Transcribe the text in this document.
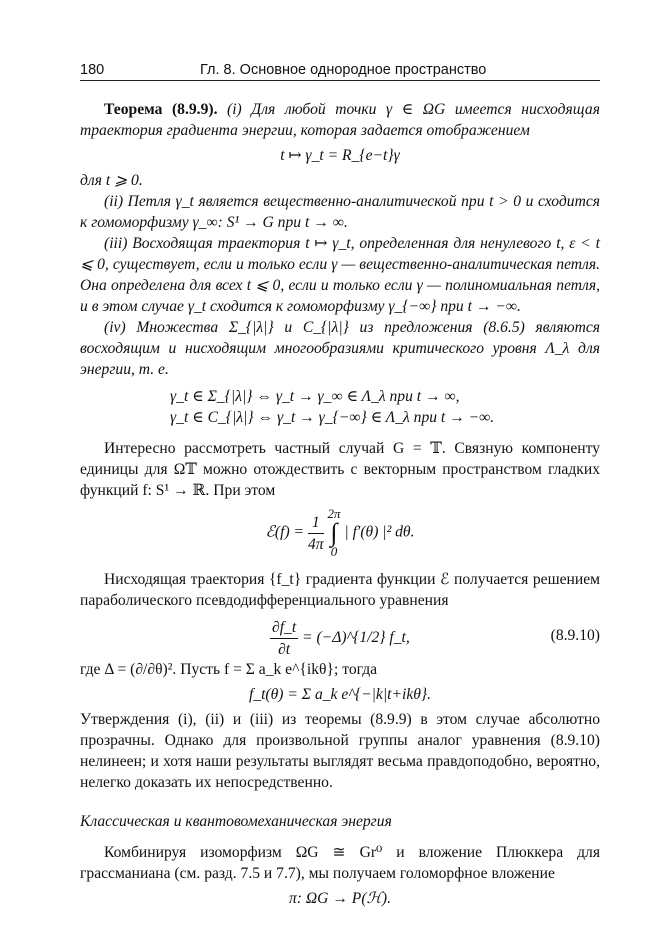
180	Гл. 8. Основное однородное пространство

Теорема (8.9.9). (i) Для любой точки γ ∈ ΩG имеется нисходящая траектория градиента энергии, которая задается отображением

t ↦ γ_t = R_{e−t}γ

для t ⩾ 0.

(ii) Петля γ_t является вещественно-аналитической при t > 0 и сходится к гомоморфизму γ_∞: S¹ → G при t → ∞.

(iii) Восходящая траектория t ↦ γ_t, определенная для ненулевого t, ε < t ⩽ 0, существует, если и только если γ — вещественно-аналитическая петля. Она определена для всех t ⩽ 0, если и только если γ — полиномиальная петля, и в этом случае γ_t сходится к гомоморфизму γ_{−∞} при t → −∞.

(iv) Множества Σ_{|λ|} и C_{|λ|} из предложения (8.6.5) являются восходящим и нисходящим многообразиями критического уровня Λ_λ для энергии, т. е.

γ_t ∈ Σ_{|λ|} ⇔ γ_t → γ_∞ ∈ Λ_λ при t → ∞,

γ_t ∈ C_{|λ|} ⇔ γ_t → γ_{−∞} ∈ Λ_λ при t → −∞.

Интересно рассмотреть частный случай G = 𝕋. Связную компоненту единицы для Ω𝕋 можно отождествить с векторным пространством гладких функций f: S¹ → ℝ. При этом

ℰ(f) = $\frac{1}{4\pi}$
2π
∫
0
| f′(θ) |² dθ.

Нисходящая траектория {f_t} градиента функции ℰ получается решением параболического псевдодифференциального уравнения

$\frac{\partial f\_t}{\partial t}$ = (−Δ)^{1/2} f_t,	(8.9.10)

где Δ = (∂/∂θ)². Пусть f = Σ a_k e^{ikθ}; тогда

f_t(θ) = Σ a_k e^{−|k|t+ikθ}.

Утверждения (i), (ii) и (iii) из теоремы (8.9.9) в этом случае абсолютно прозрачны. Однако для произвольной группы аналог уравнения (8.9.10) нелинеен; и хотя наши результаты выглядят весьма правдоподобно, вероятно, нелегко доказать их непосредственно.

Классическая и квантовомеханическая энергия

Комбинируя изоморфизм ΩG ≅ Gr⁰ и вложение Плюккера для грассманиана (см. разд. 7.5 и 7.7), мы получаем голоморфное вложение

π: ΩG → P(ℋ).
